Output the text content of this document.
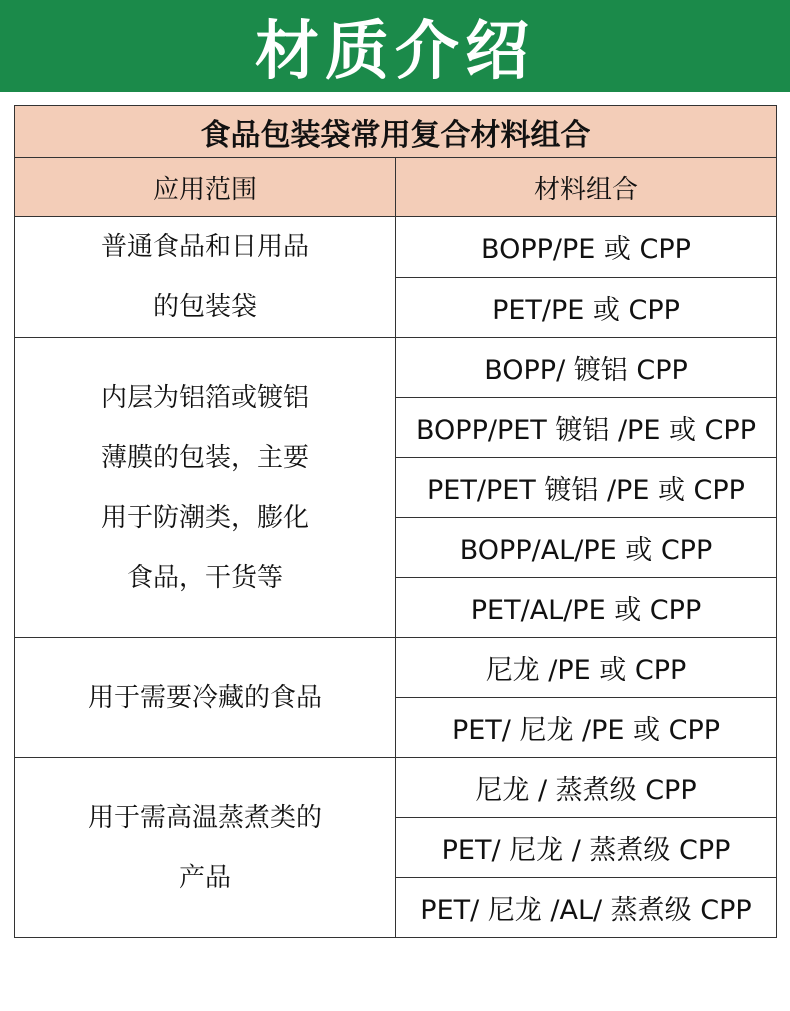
材质介绍
食品包装袋常用复合材料组合	
应用范围	材料组合
普通食品和日用品
的包装袋	BOPP/PE 或 CPP
	PET/PE 或 CPP
内层为铝箔或镀铝
薄膜的包装，主要
用于防潮类，膨化
食品，干货等	BOPP/ 镀铝 CPP
	BOPP/PET 镀铝 /PE 或 CPP
	PET/PET 镀铝 /PE 或 CPP
	BOPP/AL/PE 或 CPP
	PET/AL/PE 或 CPP
用于需要冷藏的食品	尼龙 /PE 或 CPP
	PET/ 尼龙 /PE 或 CPP
用于需高温蒸煮类的
产品	尼龙 / 蒸煮级 CPP
	PET/ 尼龙 / 蒸煮级 CPP
	PET/ 尼龙 /AL/ 蒸煮级 CPP
